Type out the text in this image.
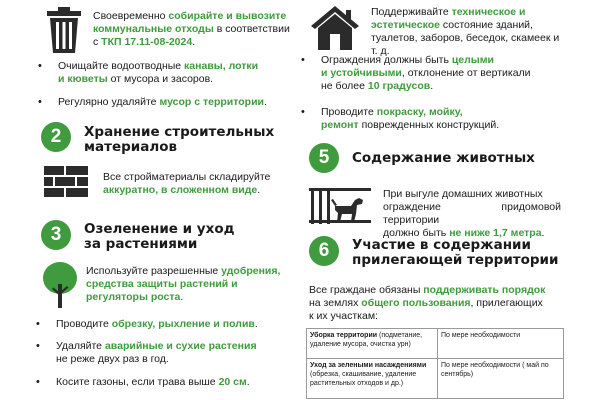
Своевременно собирайте и вывозите
коммунальные отходы в соответствии
с ТКП 17.11-08-2024.
• Очищайте водоотводные канавы, лотки
и кюветы от мусора и засоров.
• Регулярно удаляйте мусор с территории.
2	Хранение строительных
материалов
Все стройматериалы складируйте
аккуратно, в сложенном виде.
3	Озеленение и уход
за растениями
Используйте разрешенные удобрения,
средства защиты растений и
регуляторы роста.
• Проводите обрезку, рыхление и полив.
• Удаляйте аварийные и сухие растения
не реже двух раз в год.
• Косите газоны, если трава выше 20 см.
Поддерживайте техническое и
эстетическое состояние зданий,
туалетов, заборов, беседок, скамеек и т. д.
• Ограждения должны быть целыми
и устойчивыми, отклонение от вертикали
не более 10 градусов.
• Проводите покраску, мойку,
ремонт поврежденных конструкций.
5	Содержание животных
При выгуле домашних животных
ограждение придомовой территории
должно быть не ниже 1,7 метра.
6	Участие в содержании
прилегающей территории
Все граждане обязаны поддерживать порядок
на землях общего пользования, прилегающих
к их участкам:
Уборка территории (подметание, удаление мусора, очистка урн)	По мере необходимости
Уход за зелеными насаждениями (обрезка, скашивание, удаление растительных отходов и др.)	По мере необходимости ( май по сентябрь)
